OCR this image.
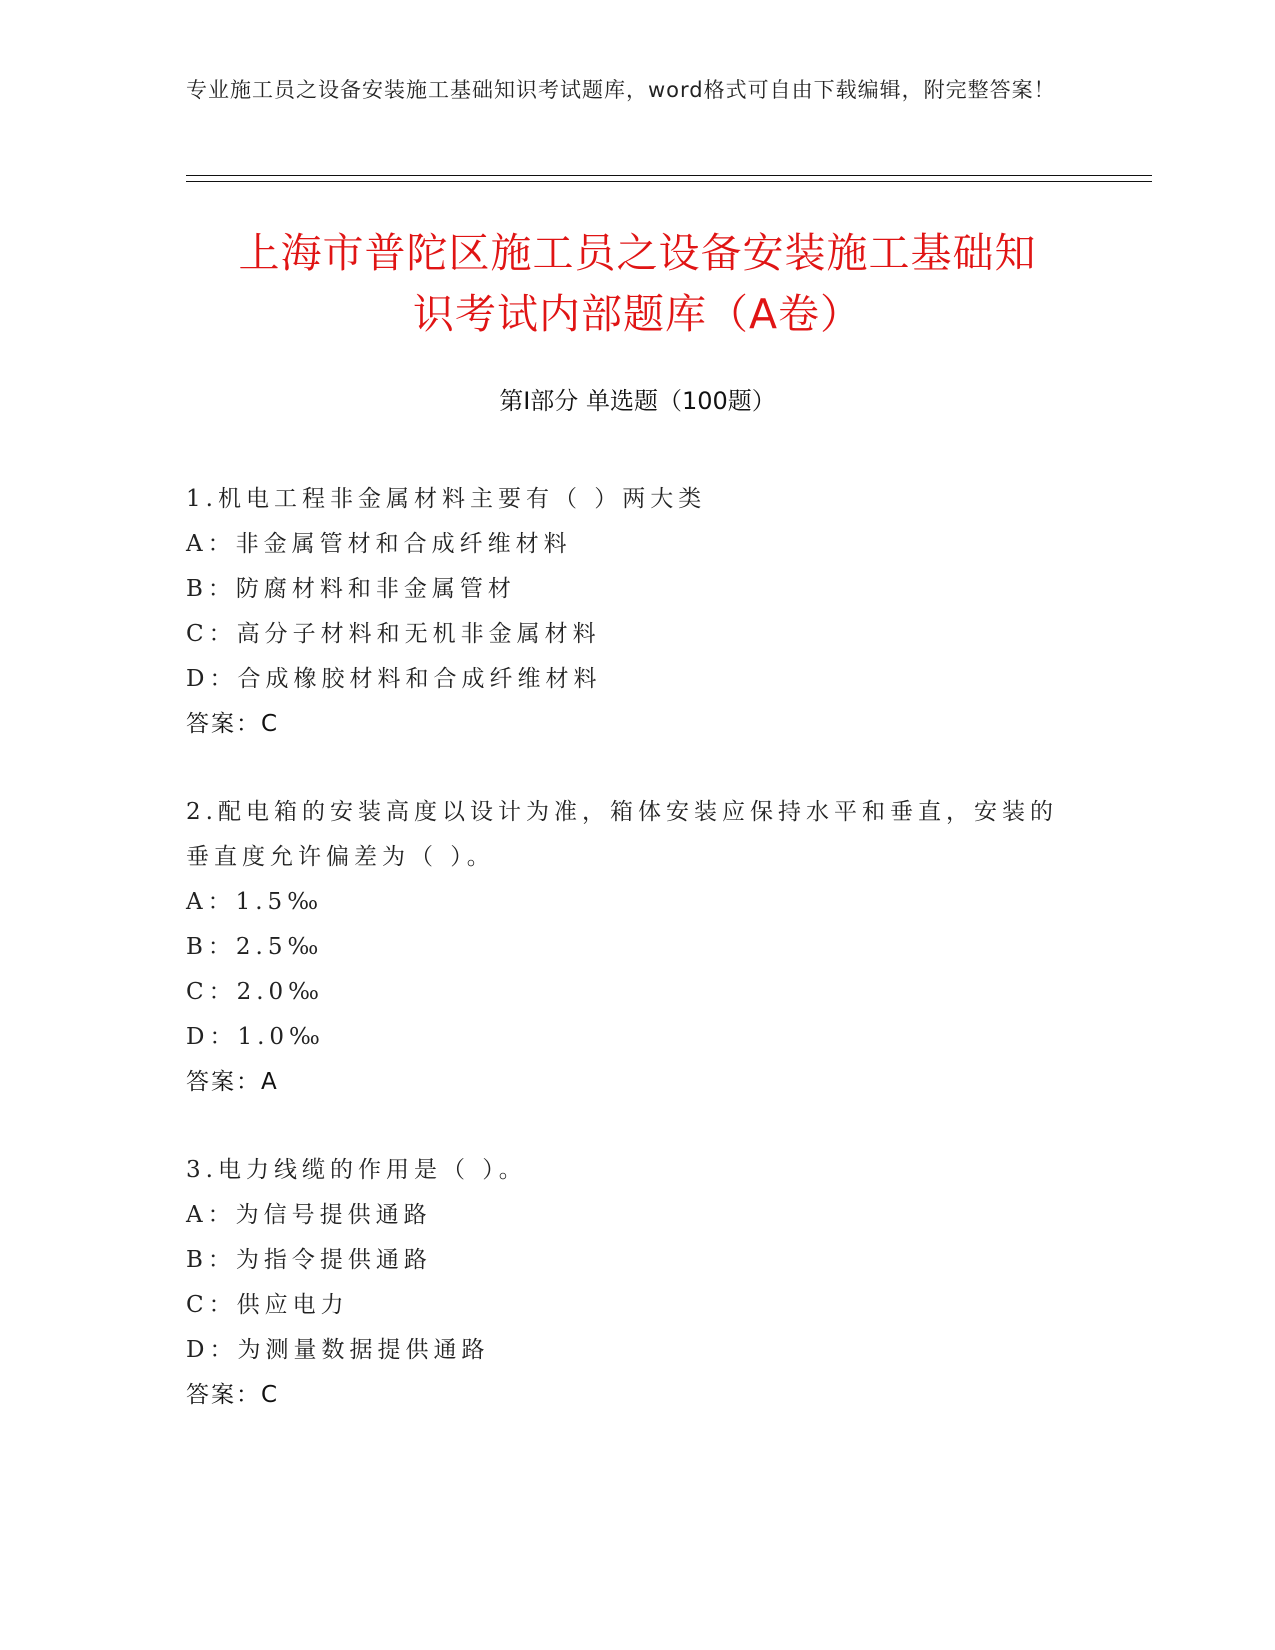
专业施工员之设备安装施工基础知识考试题库，word格式可自由下载编辑，附完整答案！
上海市普陀区施工员之设备安装施工基础知
识考试内部题库（A卷）
第I部分 单选题（100题）
1.机电工程非金属材料主要有（ ）两大类
A：非金属管材和合成纤维材料
B：防腐材料和非金属管材
C：高分子材料和无机非金属材料
D：合成橡胶材料和合成纤维材料
答案：C
2.配电箱的安装高度以设计为准，箱体安装应保持水平和垂直，安装的垂直度允许偏差为（ ）。
A：1.5‰
B：2.5‰
C：2.0‰
D：1.0‰
答案：A
3.电力线缆的作用是（ ）。
A：为信号提供通路
B：为指令提供通路
C：供应电力
D：为测量数据提供通路
答案：C
